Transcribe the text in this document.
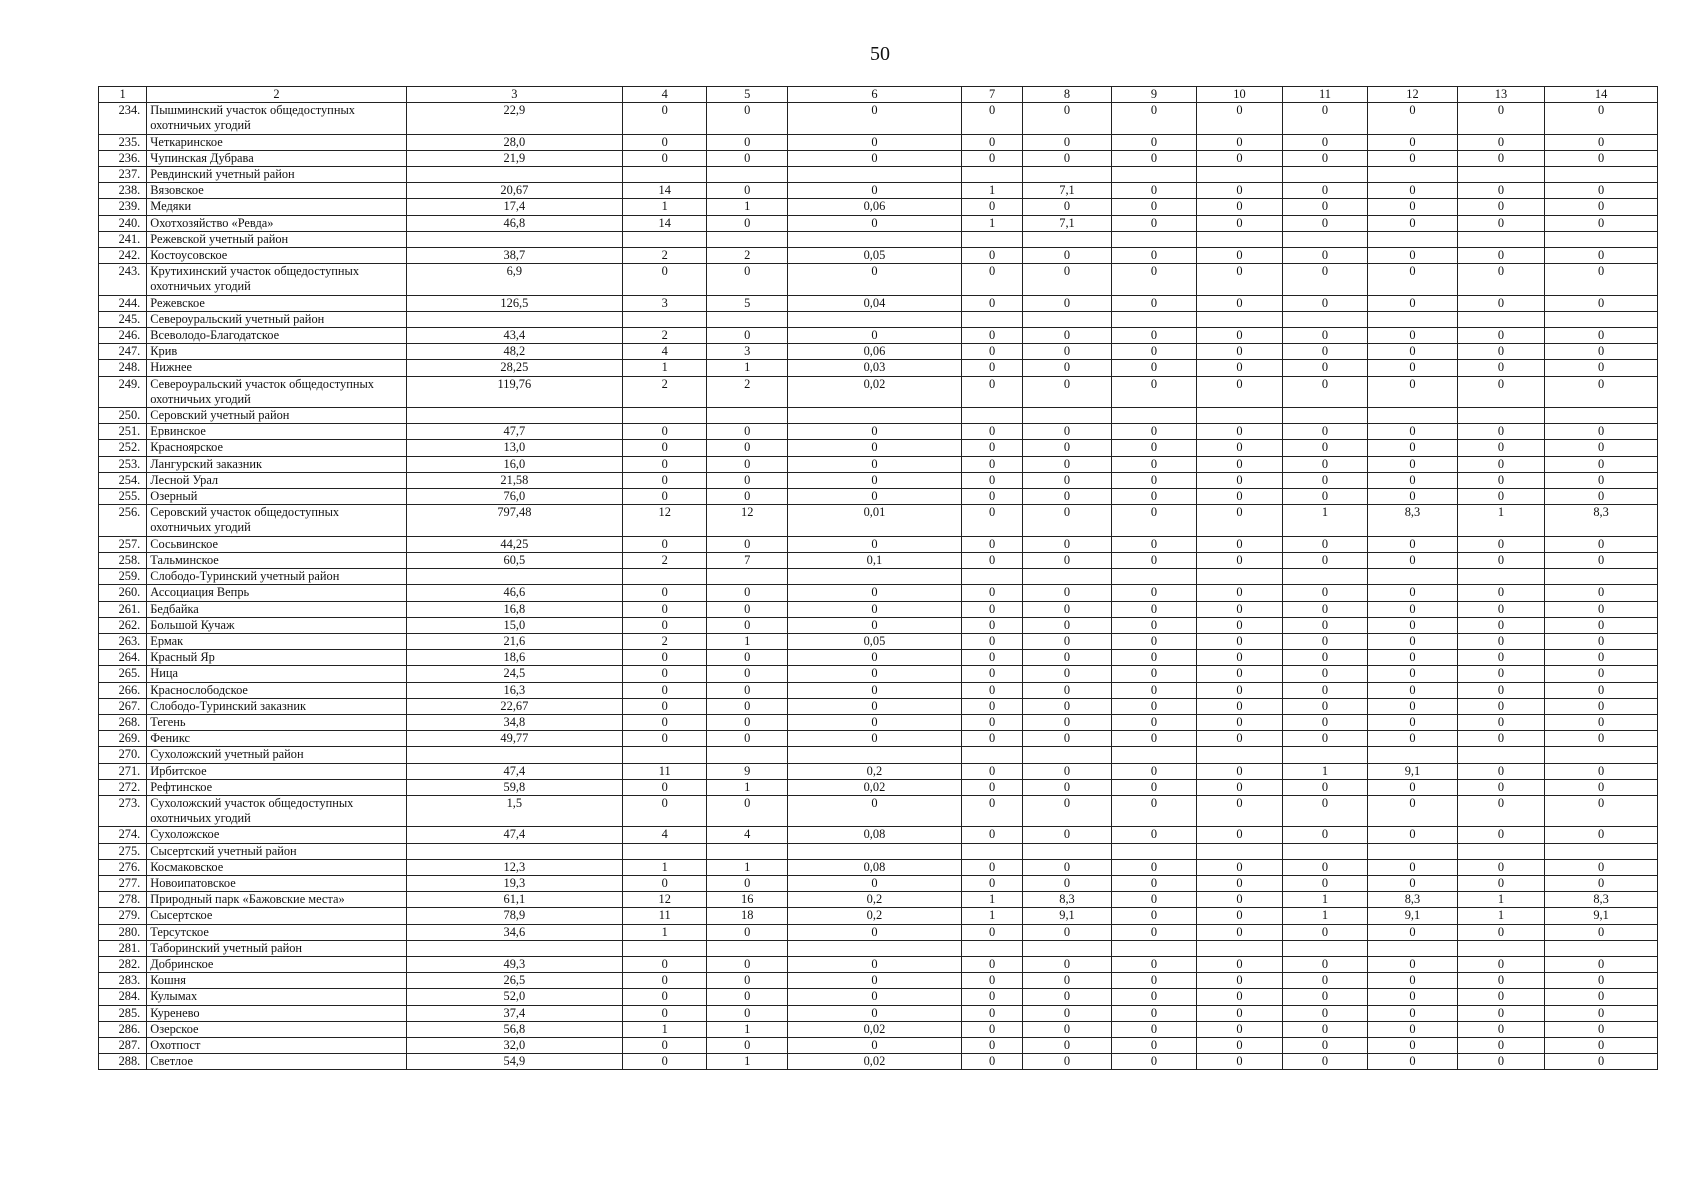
50
1	2	3	4	5	6	7	8	9	10	11	12	13	14
234.	Пышминский участок общедоступных охотничьих угодий	22,9	0	0	0	0	0	0	0	0	0	0	0
235.	Четкаринское	28,0	0	0	0	0	0	0	0	0	0	0	0
236.	Чупинская Дубрава	21,9	0	0	0	0	0	0	0	0	0	0	0
237.	Ревдинский учетный район												
238.	Вязовское	20,67	14	0	0	1	7,1	0	0	0	0	0	0
239.	Медяки	17,4	1	1	0,06	0	0	0	0	0	0	0	0
240.	Охотхозяйство «Ревда»	46,8	14	0	0	1	7,1	0	0	0	0	0	0
241.	Режевской учетный район												
242.	Костоусовское	38,7	2	2	0,05	0	0	0	0	0	0	0	0
243.	Крутихинский участок общедоступных охотничьих угодий	6,9	0	0	0	0	0	0	0	0	0	0	0
244.	Режевское	126,5	3	5	0,04	0	0	0	0	0	0	0	0
245.	Североуральский учетный район												
246.	Всеволодо-Благодатское	43,4	2	0	0	0	0	0	0	0	0	0	0
247.	Крив	48,2	4	3	0,06	0	0	0	0	0	0	0	0
248.	Нижнее	28,25	1	1	0,03	0	0	0	0	0	0	0	0
249.	Североуральский участок общедоступных охотничьих угодий	119,76	2	2	0,02	0	0	0	0	0	0	0	0
250.	Серовский учетный район												
251.	Ервинское	47,7	0	0	0	0	0	0	0	0	0	0	0
252.	Красноярское	13,0	0	0	0	0	0	0	0	0	0	0	0
253.	Лангурский заказник	16,0	0	0	0	0	0	0	0	0	0	0	0
254.	Лесной Урал	21,58	0	0	0	0	0	0	0	0	0	0	0
255.	Озерный	76,0	0	0	0	0	0	0	0	0	0	0	0
256.	Серовский участок общедоступных охотничьих угодий	797,48	12	12	0,01	0	0	0	0	1	8,3	1	8,3
257.	Сосьвинское	44,25	0	0	0	0	0	0	0	0	0	0	0
258.	Тальминское	60,5	2	7	0,1	0	0	0	0	0	0	0	0
259.	Слободо-Туринский учетный район												
260.	Ассоциация Вепрь	46,6	0	0	0	0	0	0	0	0	0	0	0
261.	Бедбайка	16,8	0	0	0	0	0	0	0	0	0	0	0
262.	Большой Кучаж	15,0	0	0	0	0	0	0	0	0	0	0	0
263.	Ермак	21,6	2	1	0,05	0	0	0	0	0	0	0	0
264.	Красный Яр	18,6	0	0	0	0	0	0	0	0	0	0	0
265.	Ница	24,5	0	0	0	0	0	0	0	0	0	0	0
266.	Краснослободское	16,3	0	0	0	0	0	0	0	0	0	0	0
267.	Слободо-Туринский заказник	22,67	0	0	0	0	0	0	0	0	0	0	0
268.	Тегень	34,8	0	0	0	0	0	0	0	0	0	0	0
269.	Феникс	49,77	0	0	0	0	0	0	0	0	0	0	0
270.	Сухоложский учетный район												
271.	Ирбитское	47,4	11	9	0,2	0	0	0	0	1	9,1	0	0
272.	Рефтинское	59,8	0	1	0,02	0	0	0	0	0	0	0	0
273.	Сухоложский участок общедоступных охотничьих угодий	1,5	0	0	0	0	0	0	0	0	0	0	0
274.	Сухоложское	47,4	4	4	0,08	0	0	0	0	0	0	0	0
275.	Сысертский учетный район												
276.	Космаковское	12,3	1	1	0,08	0	0	0	0	0	0	0	0
277.	Новоипатовское	19,3	0	0	0	0	0	0	0	0	0	0	0
278.	Природный парк «Бажовские места»	61,1	12	16	0,2	1	8,3	0	0	1	8,3	1	8,3
279.	Сысертское	78,9	11	18	0,2	1	9,1	0	0	1	9,1	1	9,1
280.	Терсутское	34,6	1	0	0	0	0	0	0	0	0	0	0
281.	Таборинский учетный район												
282.	Добринское	49,3	0	0	0	0	0	0	0	0	0	0	0
283.	Кошня	26,5	0	0	0	0	0	0	0	0	0	0	0
284.	Кулымах	52,0	0	0	0	0	0	0	0	0	0	0	0
285.	Куренево	37,4	0	0	0	0	0	0	0	0	0	0	0
286.	Озерское	56,8	1	1	0,02	0	0	0	0	0	0	0	0
287.	Охотпост	32,0	0	0	0	0	0	0	0	0	0	0	0
288.	Светлое	54,9	0	1	0,02	0	0	0	0	0	0	0	0
